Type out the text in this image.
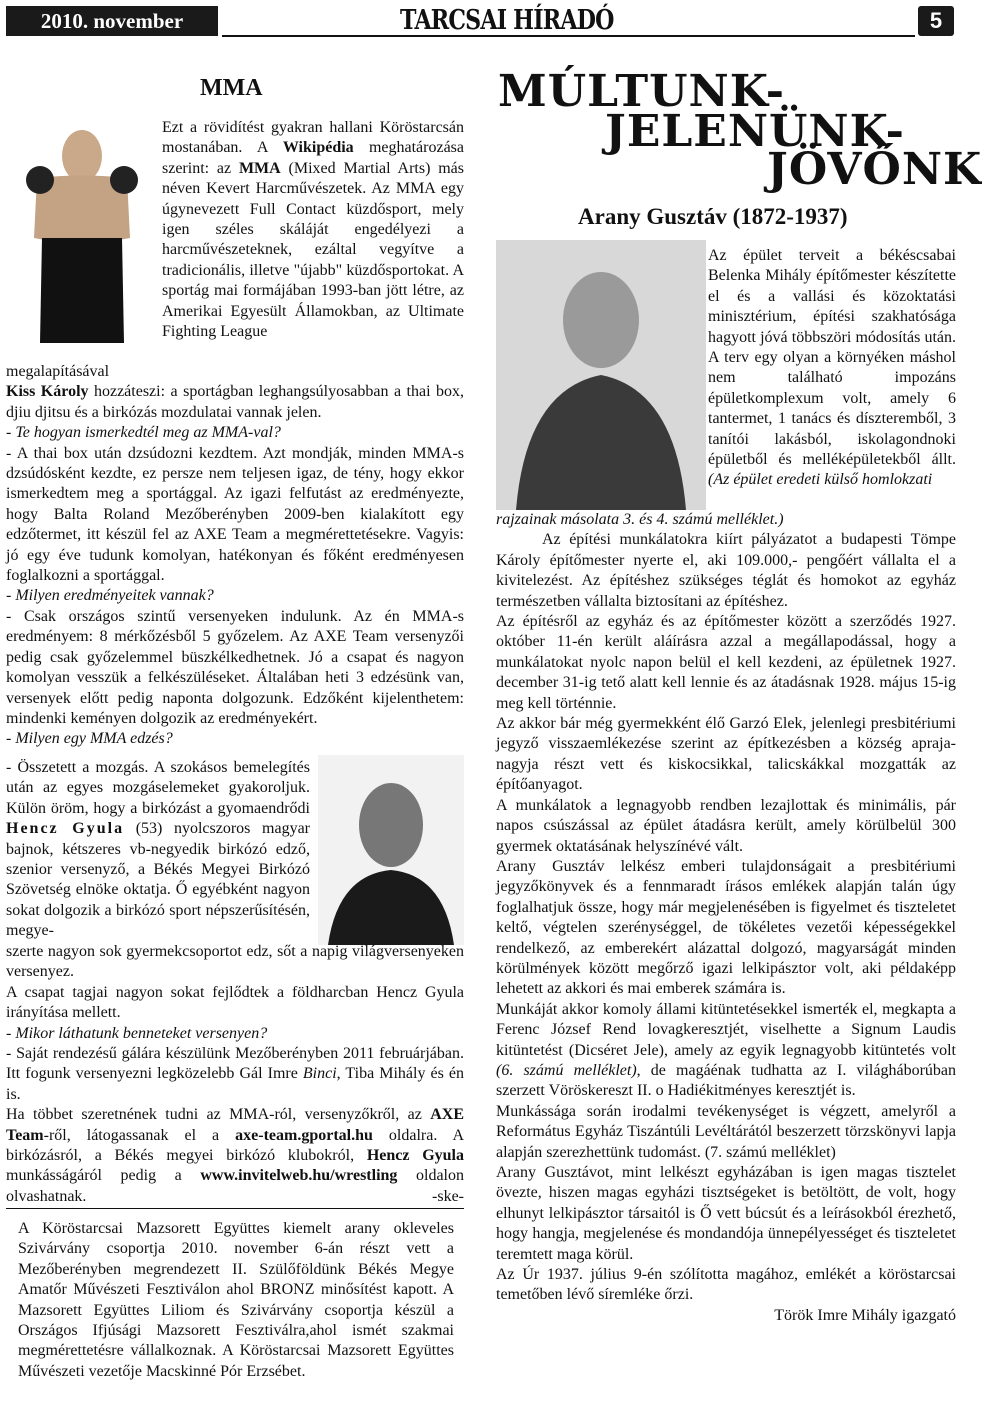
2010. november	TARCSAI HÍRADÓ	5
MMA

Ezt a rövidítést gyakran hallani Köröstarcsán mostanában. A Wikipédia meghatározása szerint: az MMA (Mixed Martial Arts) más néven Kevert Harcművészetek. Az MMA egy úgynevezett Full Contact küzdősport, mely igen széles skáláját engedélyezi a harcművészeteknek, ezáltal vegyítve a tradicionális, illetve "újabb" küzdősportokat. A sportág mai formájában 1993-ban jött létre, az Amerikai Egyesült Államokban, az Ultimate Fighting League

megalapításával

Kiss Károly hozzáteszi: a sportágban leghangsúlyosabban a thai box, djiu djitsu és a birkózás mozdulatai vannak jelen.

- Te hogyan ismerkedtél meg az MMA-val?

- A thai box után dzsúdozni kezdtem. Azt mondják, minden MMA-s dzsúdósként kezdte, ez persze nem teljesen igaz, de tény, hogy ekkor ismerkedtem meg a sportággal. Az igazi felfutást az eredményezte, hogy Balta Roland Mezőberényben 2009-ben kialakított egy edzőtermet, itt készül fel az AXE Team a megmérettetésekre. Vagyis: jó egy éve tudunk komolyan, hatékonyan és főként eredményesen foglalkozni a sportággal.

- Milyen eredményeitek vannak?

- Csak országos szintű versenyeken indulunk. Az én MMA-s eredményem: 8 mérkőzésből 5 győzelem. Az AXE Team versenyzői pedig csak győzelemmel büszkélkedhetnek. Jó a csapat és nagyon komolyan vesszük a felkészüléseket. Általában heti 3 edzésünk van, versenyek előtt pedig naponta dolgozunk. Edzőként kijelenthetem: mindenki keményen dolgozik az eredményekért.

- Milyen egy MMA edzés?

- Összetett a mozgás. A szokásos bemelegítés után az egyes mozgáselemeket gyakoroljuk. Külön öröm, hogy a birkózást a gyomaendrődi Hencz Gyula (53) nyolcszoros magyar bajnok, kétszeres vb-negyedik birkózó edző, szenior versenyző, a Békés Megyei Birkózó Szövetség elnöke oktatja. Ő egyébként nagyon sokat dolgozik a birkózó sport népszerűsítésén, megye-

szerte nagyon sok gyermekcsoportot edz, sőt a napig világversenyeken versenyez.

A csapat tagjai nagyon sokat fejlődtek a földharcban Hencz Gyula irányítása mellett.

- Mikor láthatunk benneteket versenyen?

- Saját rendezésű gálára készülünk Mezőberényben 2011 februárjában. Itt fogunk versenyezni legközelebb Gál Imre Binci, Tiba Mihály és én is.

Ha többet szeretnének tudni az MMA-ról, versenyzőkről, az AXE Team-ről, látogassanak el a axe-team.gportal.hu oldalra. A birkózásról, a Békés megyei birkózó klubokról, Hencz Gyula munkásságáról pedig a www.invitelweb.hu/wrestling oldalon olvashatnak.	-ske-

A Köröstarcsai Mazsorett Együttes kiemelt arany okleveles Szivárvány csoportja 2010. november 6-án részt vett a Mezőberényben megrendezett II. Szülőföldünk Békés Megye Amatőr Művészeti Fesztiválon ahol BRONZ minősítést kapott. A Mazsorett Együttes Liliom és Szivárvány csoportja készül a Országos Ifjúsági Mazsorett Fesztiválra,ahol ismét szakmai megmérettetésre vállalkoznak. A Köröstarcsai Mazsorett Együttes Művészeti vezetője Macskinné Pór Erzsébet.
MÚLTUNK-
JELENÜNK-
JÖVŐNK
Arany Gusztáv (1872-1937)

Az épület terveit a békéscsabai Belenka Mihály építőmester készítette el és a vallási és közoktatási minisztérium, építési szakhatósága hagyott jóvá többszöri módosítás után. A terv egy olyan a környéken máshol nem található impozáns épületkomplexum volt, amely 6 tantermet, 1 tanács és díszteremből, 3 tanítói lakásból, iskolagondnoki épületből és melléképületekből állt. (Az épület eredeti külső homlokzati

rajzainak másolata 3. és 4. számú melléklet.)

Az építési munkálatokra kiírt pályázatot a budapesti Tömpe Károly építőmester nyerte el, aki 109.000,- pengőért vállalta el a kivitelezést. Az építéshez szükséges téglát és homokot az egyház természetben vállalta biztosítani az építéshez.

Az építésről az egyház és az építőmester között a szerződés 1927. október 11-én került aláírásra azzal a megállapodással, hogy a munkálatokat nyolc napon belül el kell kezdeni, az épületnek 1927. december 31-ig tető alatt kell lennie és az átadásnak 1928. május 15-ig meg kell történnie.

Az akkor bár még gyermekként élő Garzó Elek, jelenlegi presbitériumi jegyző visszaemlékezése szerint az építkezésben a község apraja-nagyja részt vett és kiskocsikkal, talicskákkal mozgatták az építőanyagot.

A munkálatok a legnagyobb rendben lezajlottak és minimális, pár napos csúszással az épület átadásra került, amely körülbelül 300 gyermek oktatásának helyszínévé vált.

Arany Gusztáv lelkész emberi tulajdonságait a presbitériumi jegyzőkönyvek és a fennmaradt írásos emlékek alapján talán úgy foglalhatjuk össze, hogy már megjelenésében is figyelmet és tiszteletet keltő, végtelen szerénységgel, de tökéletes vezetői képességekkel rendelkező, az emberekért alázattal dolgozó, magyarságát minden körülmények között megőrző igazi lelkipásztor volt, aki példaképp lehetett az akkori és mai emberek számára is.

Munkáját akkor komoly állami kitüntetésekkel ismerték el, megkapta a Ferenc József Rend lovagkeresztjét, viselhette a Signum Laudis kitüntetést (Dicséret Jele), amely az egyik legnagyobb kitüntetés volt (6. számú melléklet), de magáénak tudhatta az I. világháborúban szerzett Vöröskereszt II. o Hadiékitményes keresztjét is.

Munkássága során irodalmi tevékenységet is végzett, amelyről a Református Egyház Tiszántúli Levéltárától beszerzett törzskönyvi lapja alapján szerezhettünk tudomást. (7. számú melléklet)

Arany Gusztávot, mint lelkészt egyházában is igen magas tisztelet övezte, hiszen magas egyházi tisztségeket is betöltött, de volt, hogy elhunyt lelkipásztor társaitól is Ő vett búcsút és a leírásokból érezhető, hogy hangja, megjelenése és mondandója ünnepélyességet és tiszteletet teremtett maga körül.

Az Úr 1937. július 9-én szólította magához, emlékét a köröstarcsai temetőben lévő síremléke őrzi.

Török Imre Mihály igazgató
